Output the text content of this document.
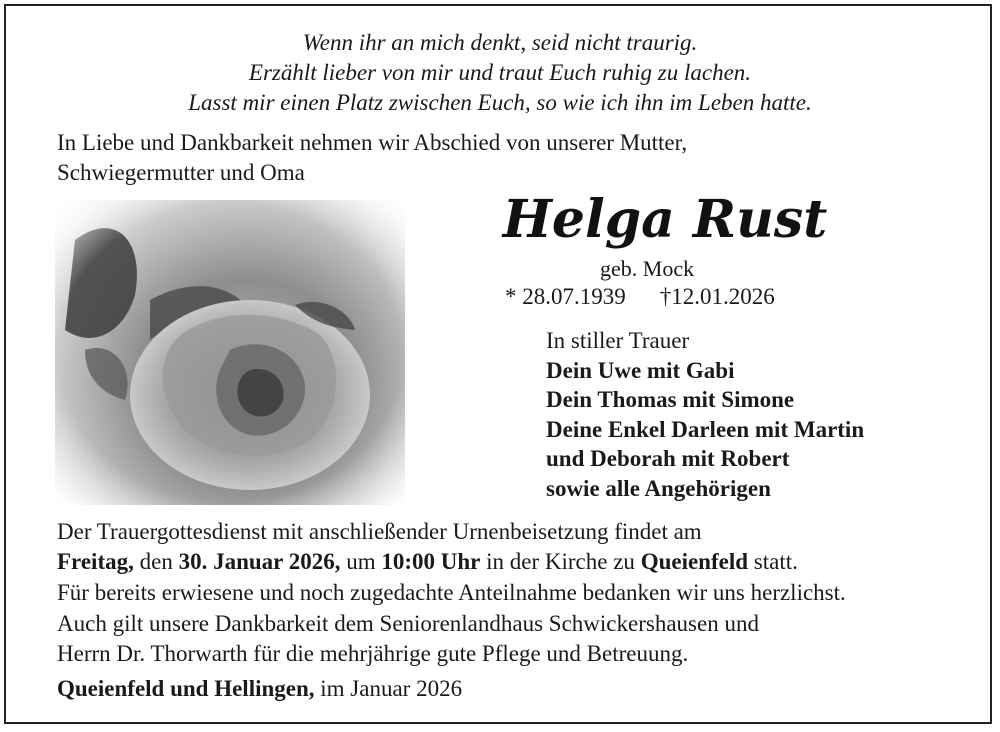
Wenn ihr an mich denkt, seid nicht traurig.
Erzählt lieber von mir und traut Euch ruhig zu lachen.
Lasst mir einen Platz zwischen Euch, so wie ich ihn im Leben hatte.
In Liebe und Dankbarkeit nehmen wir Abschied von unserer Mutter,
Schwiegermutter und Oma
Helga Rust
geb. Mock
* 28.07.1939 †12.01.2026
In stiller Trauer
Dein Uwe mit Gabi
Dein Thomas mit Simone
Deine Enkel Darleen mit Martin
und Deborah mit Robert
sowie alle Angehörigen
Der Trauergottesdienst mit anschließender Urnenbeisetzung findet am
Freitag, den 30. Januar 2026, um 10:00 Uhr in der Kirche zu Queienfeld statt.
Für bereits erwiesene und noch zugedachte Anteilnahme bedanken wir uns herzlichst.
Auch gilt unsere Dankbarkeit dem Seniorenlandhaus Schwickershausen und
Herrn Dr. Thorwarth für die mehrjährige gute Pflege und Betreuung.
Queienfeld und Hellingen, im Januar 2026
